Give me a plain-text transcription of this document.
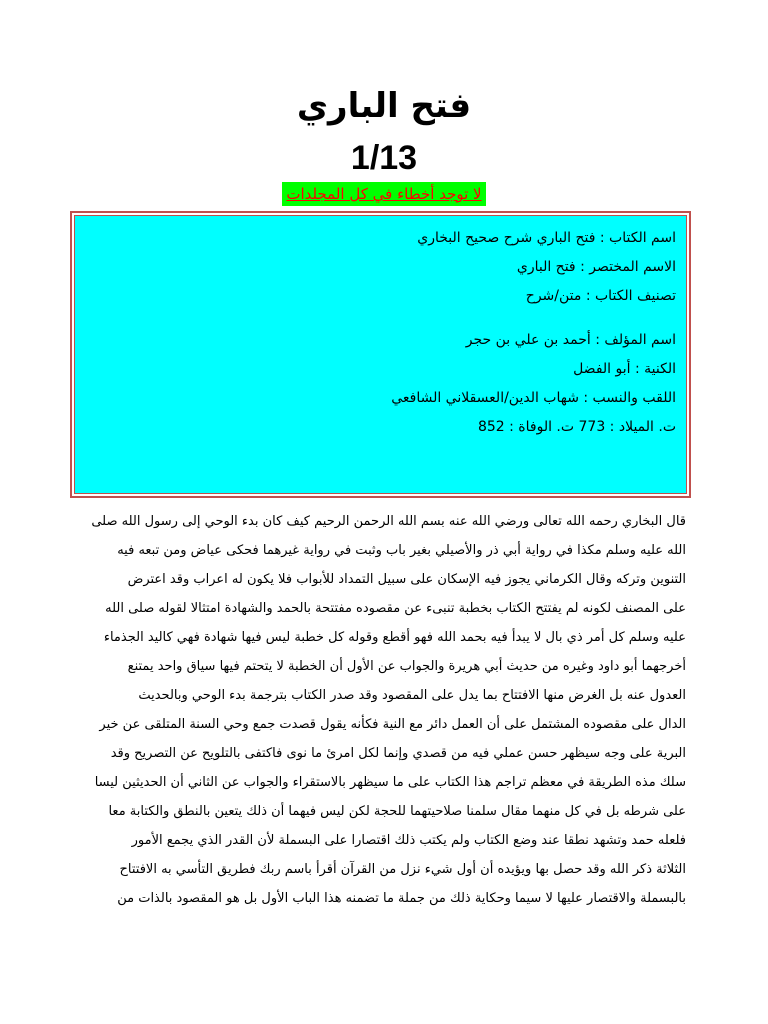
فتح الباري
1/13
لا توجد أخطاء في كل المجلدات
اسم الكتاب : فتح الباري شرح صحيح البخاري
الاسم المختصر : فتح الباري
تصنيف الكتاب : متن/شرح
اسم المؤلف : أحمد بن علي بن حجر
الكنية : أبو الفضل
اللقب والنسب : شهاب الدين/العسقلاني الشافعي
ت. الميلاد : 773 ت. الوفاة : 852
قال البخاري رحمه الله تعالى ورضي الله عنه بسم الله الرحمن الرحيم كيف كان بدء الوحي إلى رسول الله صلى
الله عليه وسلم مكذا في رواية أبي ذر والأصيلي بغير باب وثبت في رواية غيرهما فحكى عياض ومن تبعه فيه
التنوين وتركه وقال الكرماني يجوز فيه الإسكان على سبيل التمداد للأبواب فلا يكون له اعراب وقد اعترض
على المصنف لكونه لم يفتتح الكتاب بخطبة تنبىء عن مقصوده مفتتحة بالحمد والشهادة امتثالا لقوله صلى الله
عليه وسلم كل أمر ذي بال لا يبدأ فيه بحمد الله فهو أقطع وقوله كل خطبة ليس فيها شهادة فهي كاليد الجذماء
أخرجهما أبو داود وغيره من حديث أبي هريرة والجواب عن الأول أن الخطبة لا يتحتم فيها سياق واحد يمتنع
العدول عنه بل الغرض منها الافتتاح بما يدل على المقصود وقد صدر الكتاب بترجمة بدء الوحي وبالحديث
الدال على مقصوده المشتمل على أن العمل دائر مع النية فكأنه يقول قصدت جمع وحي السنة المتلقى عن خير
البرية على وجه سيظهر حسن عملي فيه من قصدي وإنما لكل امرئ ما نوى فاكتفى بالتلويح عن التصريح وقد
سلك مذه الطريقة في معظم تراجم هذا الكتاب على ما سيظهر بالاستقراء والجواب عن الثاني أن الحديثين ليسا
على شرطه بل في كل منهما مقال سلمنا صلاحيتهما للحجة لكن ليس فيهما أن ذلك يتعين بالنطق والكتابة معا
فلعله حمد وتشهد نطقا عند وضع الكتاب ولم يكتب ذلك اقتصارا على البسملة لأن القدر الذي يجمع الأمور
الثلاثة ذكر الله وقد حصل بها ويؤيده أن أول شيء نزل من القرآن أقرأ باسم ربك فطريق التأسي به الافتتاح
بالبسملة والاقتصار عليها لا سيما وحكاية ذلك من جملة ما تضمنه هذا الباب الأول بل هو المقصود بالذات من
